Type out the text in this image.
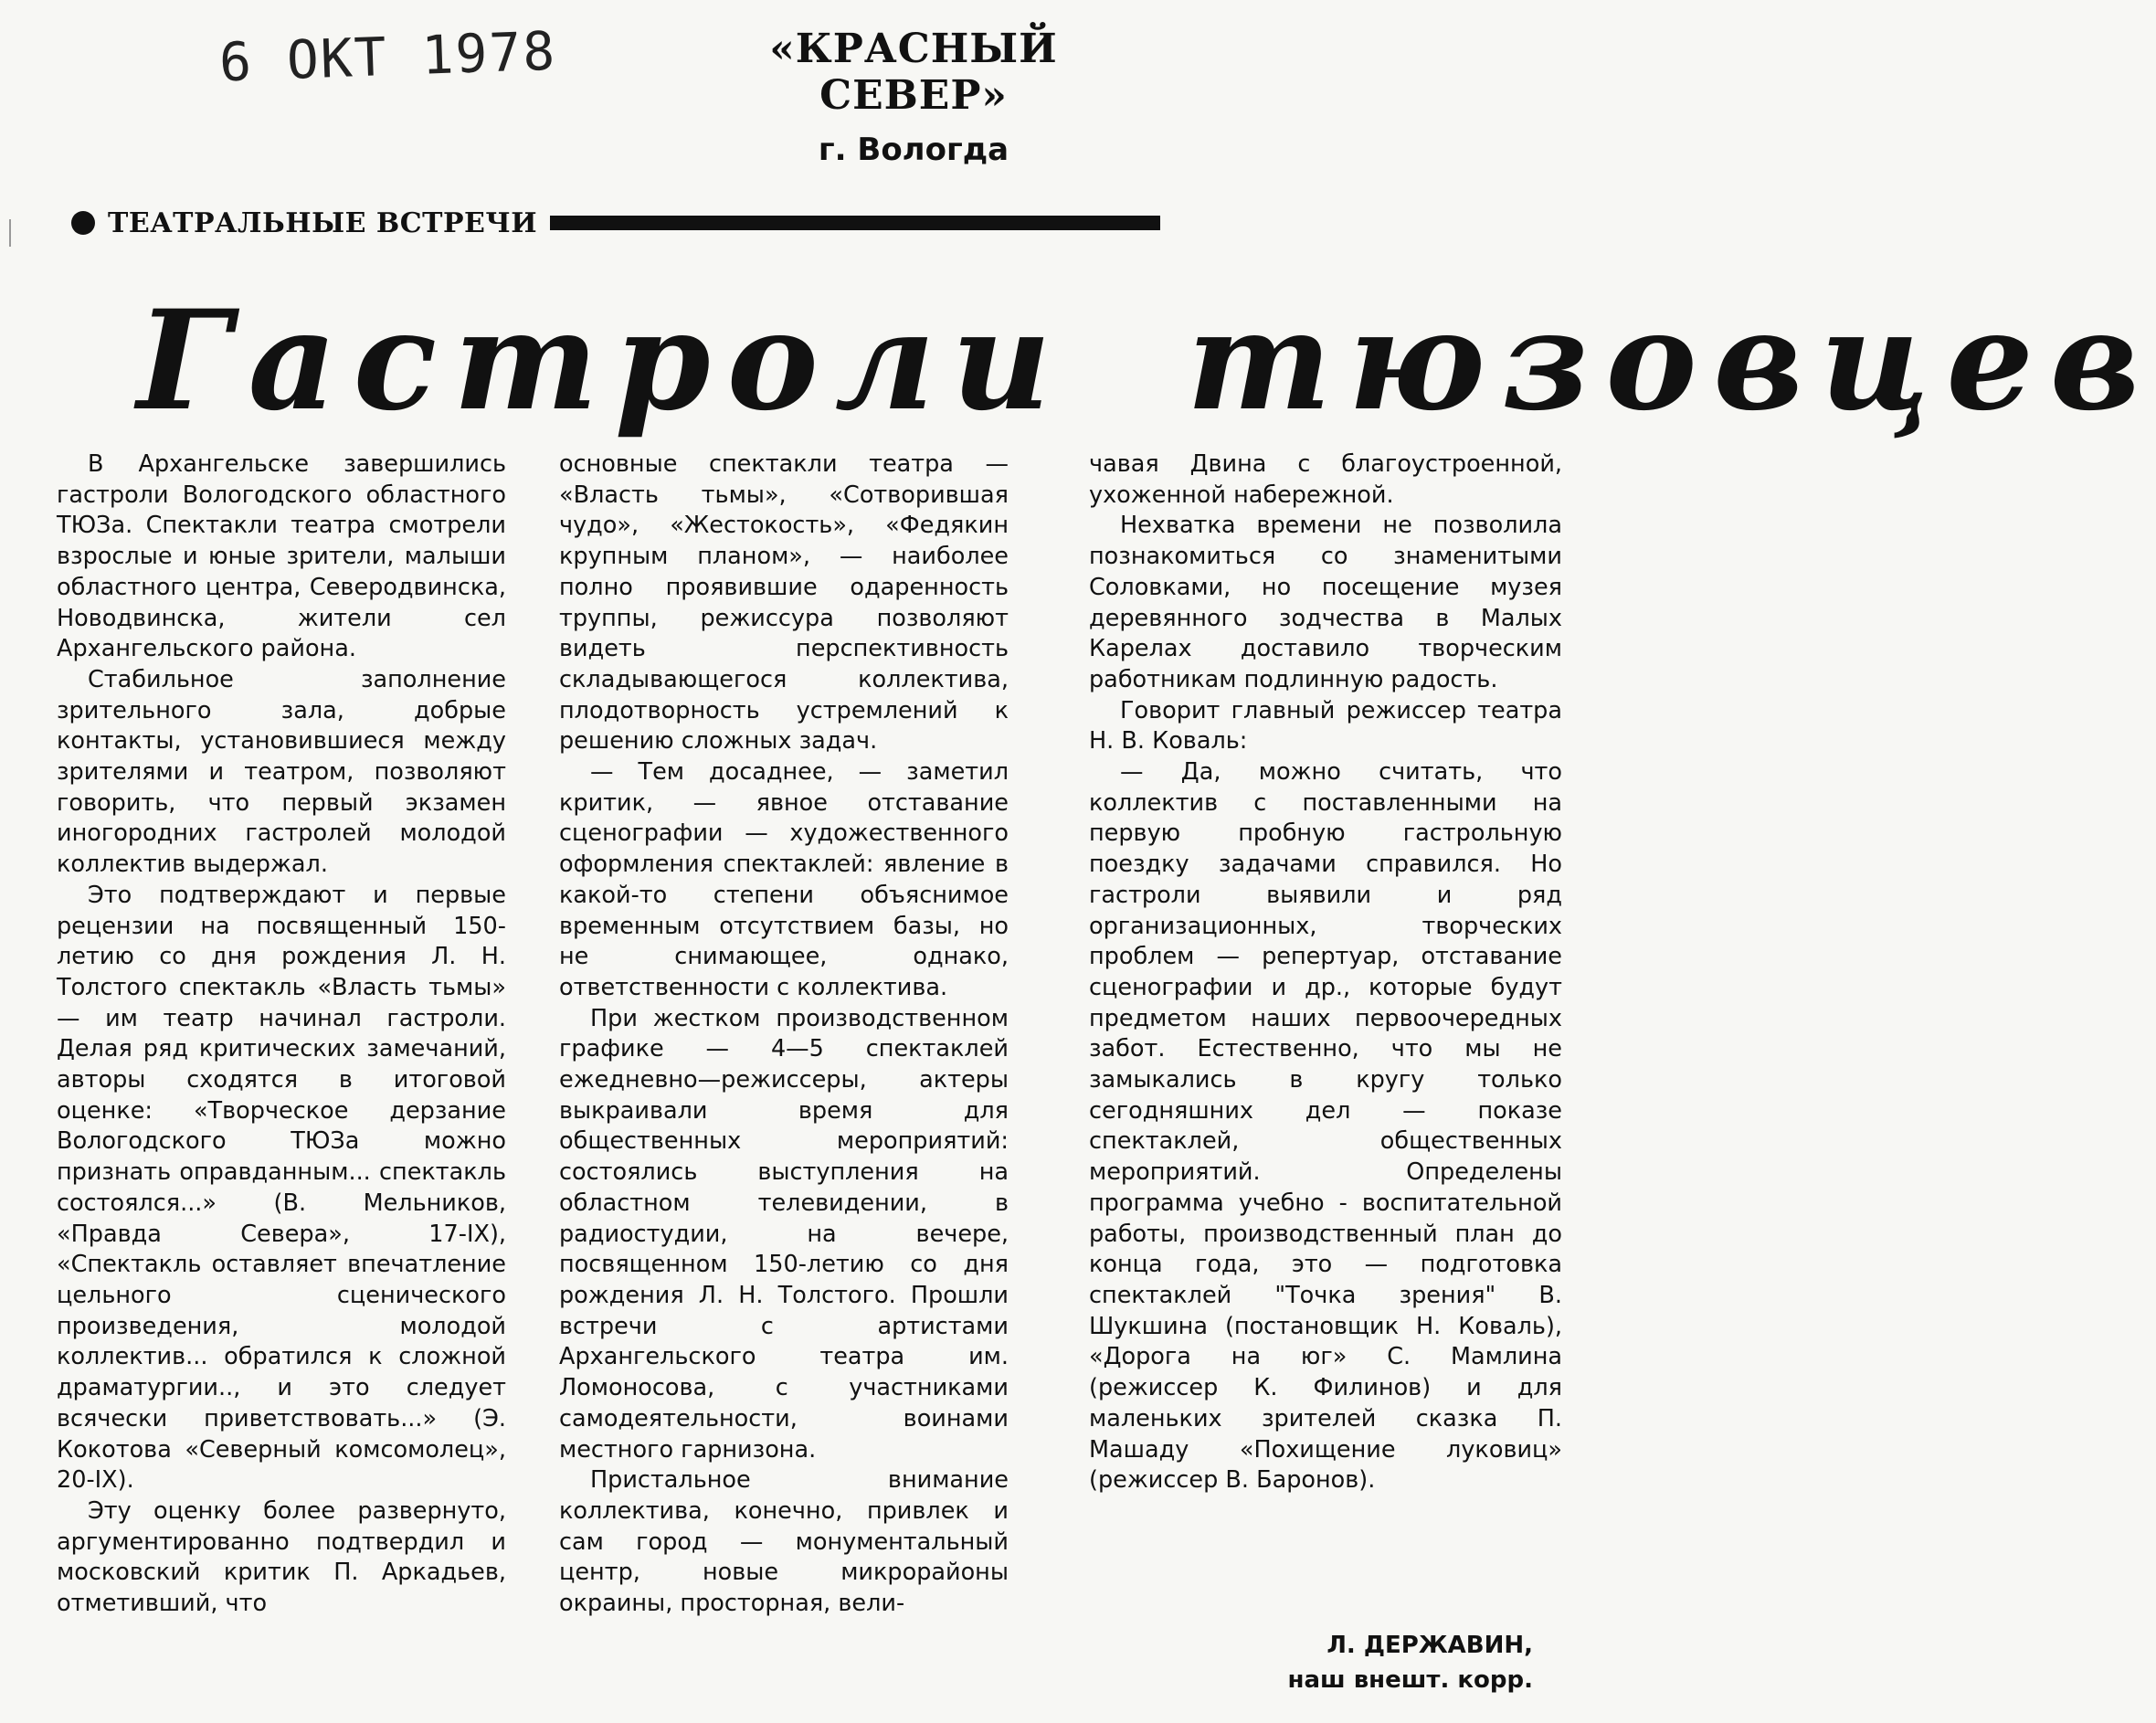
6 ОКТ 1978	«КРАСНЫЙ СЕВЕР»
г. Вологда
ТЕАТРАЛЬНЫЕ ВСТРЕЧИ
Гастроли тюзовцев

В Архангельске завершились гастроли Вологодского областного ТЮЗа. Спектакли театра смотрели взрослые и юные зрители, малыши областного центра, Северодвинска, Новодвинска, жители сел Архангельского района.

Стабильное заполнение зрительного зала, добрые контакты, установившиеся между зрителями и театром, позволяют говорить, что первый экзамен иногородних гастролей молодой коллектив выдержал.

Это подтверждают и первые рецензии на посвященный 150-летию со дня рождения Л. Н. Толстого спектакль «Власть тьмы» — им театр начинал гастроли. Делая ряд критических замечаний, авторы сходятся в итоговой оценке: «Творческое дерзание Вологодского ТЮЗа можно признать оправданным... спектакль состоялся...» (В. Мельников, «Правда Севера», 17-IX), «Спектакль оставляет впечатление цельного сценического произведения, молодой коллектив... обратился к сложной драматургии.., и это следует всячески приветствовать...» (Э. Кокотова «Северный комсомолец», 20-IX).

Эту оценку более развернуто, аргументированно подтвердил и московский критик П. Аркадьев, отметивший, что

основные спектакли театра — «Власть тьмы», «Сотворившая чудо», «Жестокость», «Федякин крупным планом», — наиболее полно проявившие одаренность труппы, режиссура позволяют видеть перспективность складывающегося коллектива, плодотворность устремлений к решению сложных задач.

— Тем досаднее, — заметил критик, — явное отставание сценографии — художественного оформления спектаклей: явление в какой-то степени объяснимое временным отсутствием базы, но не снимающее, однако, ответственности с коллектива.

При жестком производственном графике — 4—5 спектаклей ежедневно—режиссеры, актеры выкраивали время для общественных мероприятий: состоялись выступления на областном телевидении, в радиостудии, на вечере, посвященном 150-летию со дня рождения Л. Н. Толстого. Прошли встречи с артистами Архангельского театра им. Ломоносова, с участниками самодеятельности, воинами местного гарнизона.

Пристальное внимание коллектива, конечно, привлек и сам город — монументальный центр, новые микрорайоны окраины, просторная, вели-

чавая Двина с благоустроенной, ухоженной набережной.

Нехватка времени не позволила познакомиться со знаменитыми Соловками, но посещение музея деревянного зодчества в Малых Карелах доставило творческим работникам подлинную радость.

Говорит главный режиссер театра Н. В. Коваль:

— Да, можно считать, что коллектив с поставленными на первую пробную гастрольную поездку задачами справился. Но гастроли выявили и ряд организационных, творческих проблем — репертуар, отставание сценографии и др., которые будут предметом наших первоочередных забот. Естественно, что мы не замыкались в кругу только сегодняшних дел — показе спектаклей, общественных мероприятий. Определены программа учебно - воспитательной работы, производственный план до конца года, это — подготовка спектаклей "Точка зрения" В. Шукшина (постановщик Н. Коваль), «Дорога на юг» С. Мамлина (режиссер К. Филинов) и для маленьких зрителей сказка П. Машаду «Похищение луковиц» (режиссер В. Баронов).

Л. ДЕРЖАВИН,
наш внешт. корр.
